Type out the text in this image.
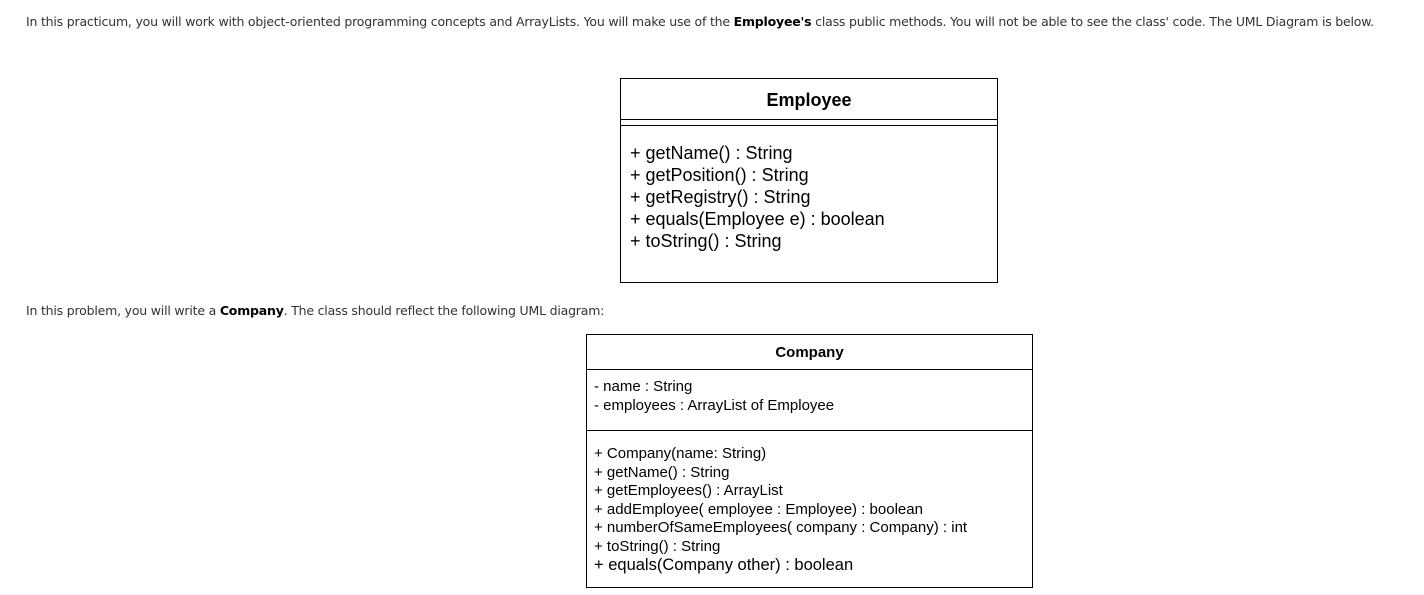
In this practicum, you will work with object-oriented programming concepts and ArrayLists. You will make use of the Employee's class public methods. You will not be able to see the class' code. The UML Diagram is below.
Employee
+ getName() : String
+ getPosition() : String
+ getRegistry() : String
+ equals(Employee e) : boolean
+ toString() : String
In this problem, you will write a Company. The class should reflect the following UML diagram:
Company
- name : String
- employees : ArrayList of Employee
+ Company(name: String)
+ getName() : String
+ getEmployees() : ArrayList
+ addEmployee( employee : Employee) : boolean
+ numberOfSameEmployees( company : Company) : int
+ toString() : String
+ equals(Company other) : boolean
